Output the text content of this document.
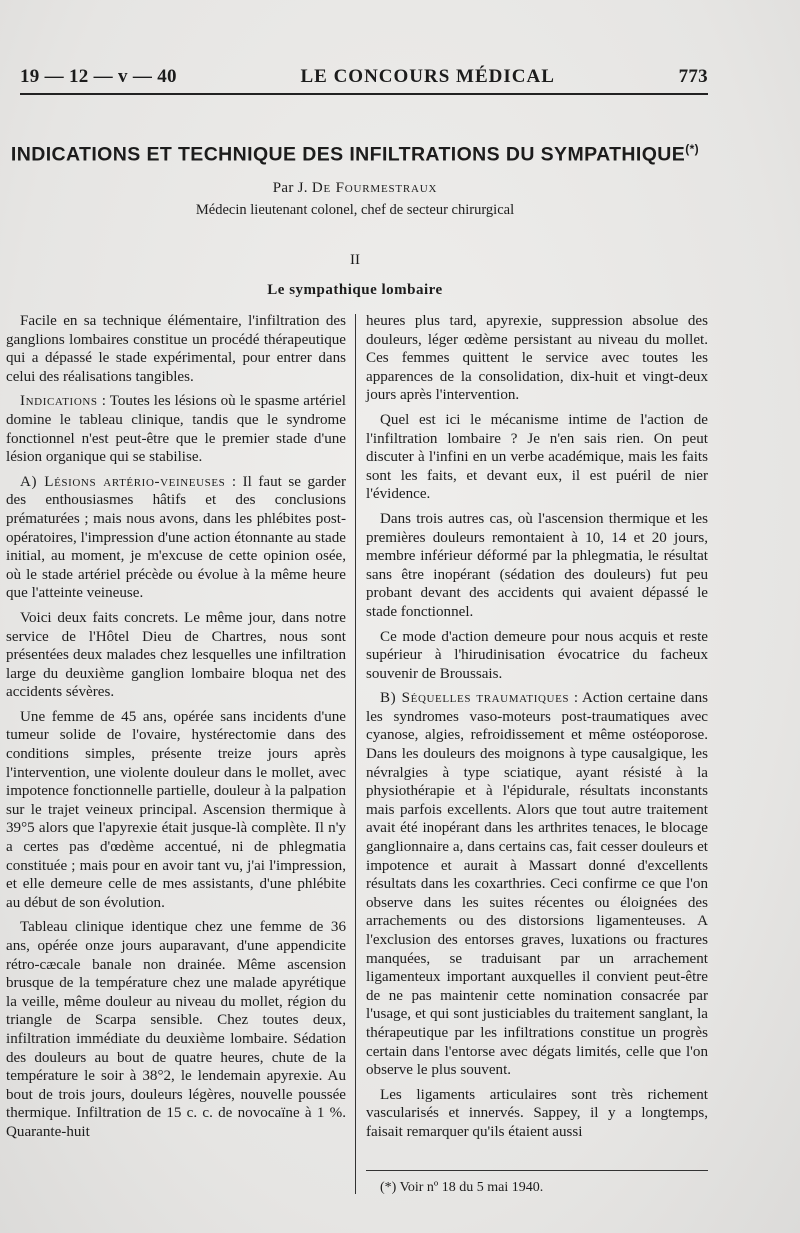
19 — 12 — v — 40	LE CONCOURS MÉDICAL	773
INDICATIONS ET TECHNIQUE DES INFILTRATIONS DU SYMPATHIQUE(*)
Par J. De Fourmestraux
Médecin lieutenant colonel, chef de secteur chirurgical
II
Le sympathique lombaire

Facile en sa technique élémentaire, l'infiltration des ganglions lombaires constitue un procédé thérapeutique qui a dépassé le stade expérimental, pour entrer dans celui des réalisations tangibles.

Indications : Toutes les lésions où le spasme artériel domine le tableau clinique, tandis que le syndrome fonctionnel n'est peut-être que le premier stade d'une lésion organique qui se stabilise.

A) Lésions artério-veineuses : Il faut se garder des enthousiasmes hâtifs et des conclusions prématurées ; mais nous avons, dans les phlébites post-opératoires, l'impression d'une action étonnante au stade initial, au moment, je m'excuse de cette opinion osée, où le stade artériel précède ou évolue à la même heure que l'atteinte veineuse.

Voici deux faits concrets. Le même jour, dans notre service de l'Hôtel Dieu de Chartres, nous sont présentées deux malades chez lesquelles une infiltration large du deuxième ganglion lombaire bloqua net des accidents sévères.

Une femme de 45 ans, opérée sans incidents d'une tumeur solide de l'ovaire, hystérectomie dans des conditions simples, présente treize jours après l'intervention, une violente douleur dans le mollet, avec impotence fonctionnelle partielle, douleur à la palpation sur le trajet veineux principal. Ascension thermique à 39°5 alors que l'apyrexie était jusque-là complète. Il n'y a certes pas d'œdème accentué, ni de phlegmatia constituée ; mais pour en avoir tant vu, j'ai l'impression, et elle demeure celle de mes assistants, d'une phlébite au début de son évolution.

Tableau clinique identique chez une femme de 36 ans, opérée onze jours auparavant, d'une appendicite rétro-cæcale banale non drainée. Même ascension brusque de la température chez une malade apyrétique la veille, même douleur au niveau du mollet, région du triangle de Scarpa sensible. Chez toutes deux, infiltration immédiate du deuxième lombaire. Sédation des douleurs au bout de quatre heures, chute de la température le soir à 38°2, le lendemain apyrexie. Au bout de trois jours, douleurs légères, nouvelle poussée thermique. Infiltration de 15 c. c. de novocaïne à 1 %. Quarante-huit

heures plus tard, apyrexie, suppression absolue des douleurs, léger œdème persistant au niveau du mollet. Ces femmes quittent le service avec toutes les apparences de la consolidation, dix-huit et vingt-deux jours après l'intervention.

Quel est ici le mécanisme intime de l'action de l'infiltration lombaire ? Je n'en sais rien. On peut discuter à l'infini en un verbe académique, mais les faits sont les faits, et devant eux, il est puéril de nier l'évidence.

Dans trois autres cas, où l'ascension thermique et les premières douleurs remontaient à 10, 14 et 20 jours, membre inférieur déformé par la phlegmatia, le résultat sans être inopérant (sédation des douleurs) fut peu probant devant des accidents qui avaient dépassé le stade fonctionnel.

Ce mode d'action demeure pour nous acquis et reste supérieur à l'hirudinisation évocatrice du facheux souvenir de Broussais.

B) Séquelles traumatiques : Action certaine dans les syndromes vaso-moteurs post-traumatiques avec cyanose, algies, refroidissement et même ostéoporose. Dans les douleurs des moignons à type causalgique, les névralgies à type sciatique, ayant résisté à la physiothérapie et à l'épidurale, résultats inconstants mais parfois excellents. Alors que tout autre traitement avait été inopérant dans les arthrites tenaces, le blocage ganglionnaire a, dans certains cas, fait cesser douleurs et impotence et aurait à Massart donné d'excellents résultats dans les coxarthries. Ceci confirme ce que l'on observe dans les suites récentes ou éloignées des arrachements ou des distorsions ligamenteuses. A l'exclusion des entorses graves, luxations ou fractures manquées, se traduisant par un arrachement ligamenteux important auxquelles il convient peut-être de ne pas maintenir cette nomination consacrée par l'usage, et qui sont justiciables du traitement sanglant, la thérapeutique par les infiltrations constitue un progrès certain dans l'entorse avec dégats limités, celle que l'on observe le plus souvent.

Les ligaments articulaires sont très richement vascularisés et innervés. Sappey, il y a longtemps, faisait remarquer qu'ils étaient aussi

(*) Voir nº 18 du 5 mai 1940.
